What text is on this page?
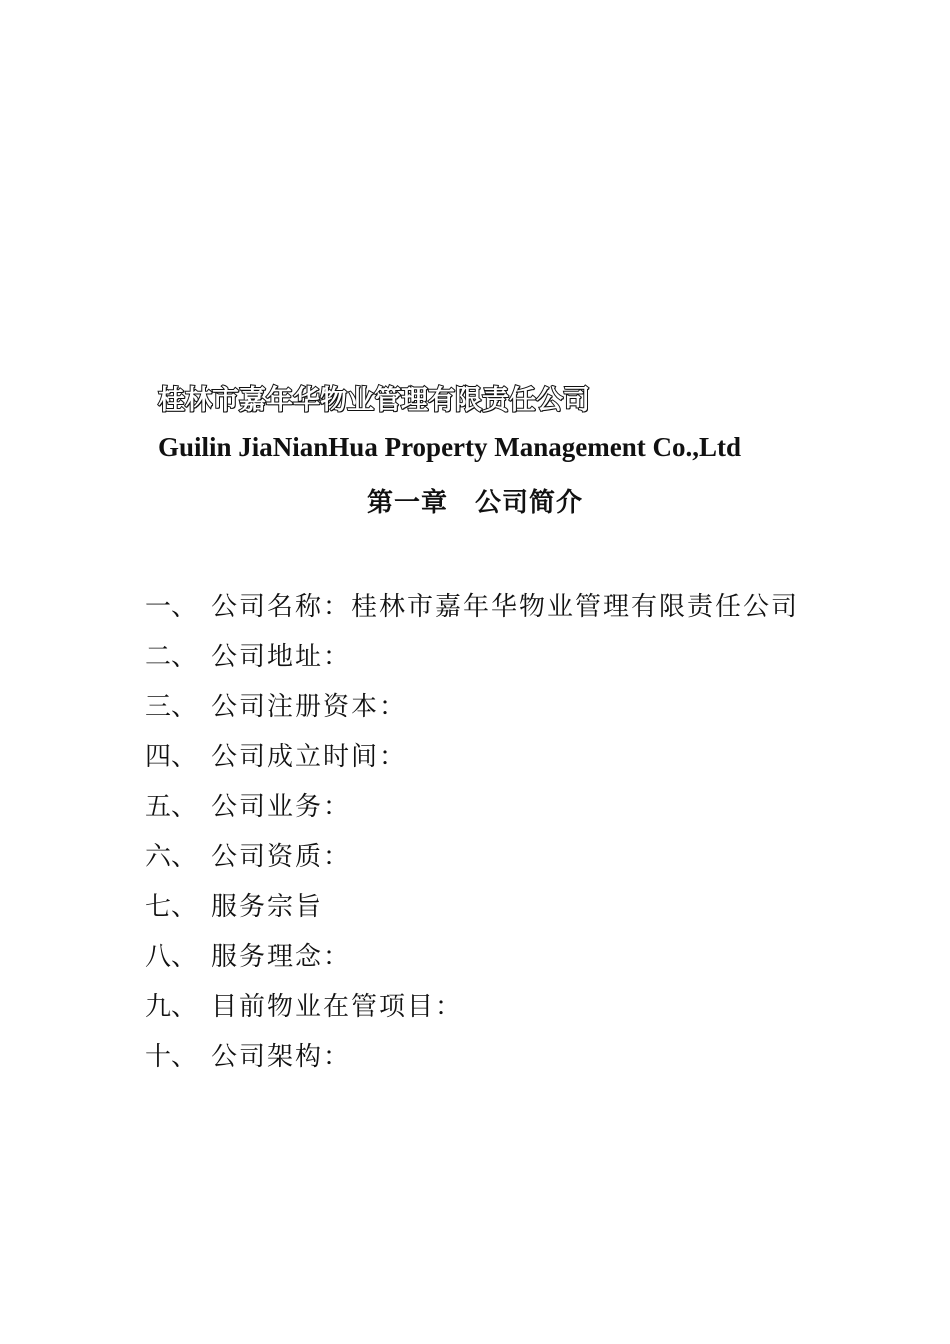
桂林市嘉年华物业管理有限责任公司
Guilin JiaNianHua Property Management Co.,Ltd
第一章　公司简介
一、 公司名称：桂林市嘉年华物业管理有限责任公司
二、 公司地址：
三、 公司注册资本：
四、 公司成立时间：
五、 公司业务：
六、 公司资质：
七、 服务宗旨
八、 服务理念：
九、 目前物业在管项目：
十、 公司架构：
